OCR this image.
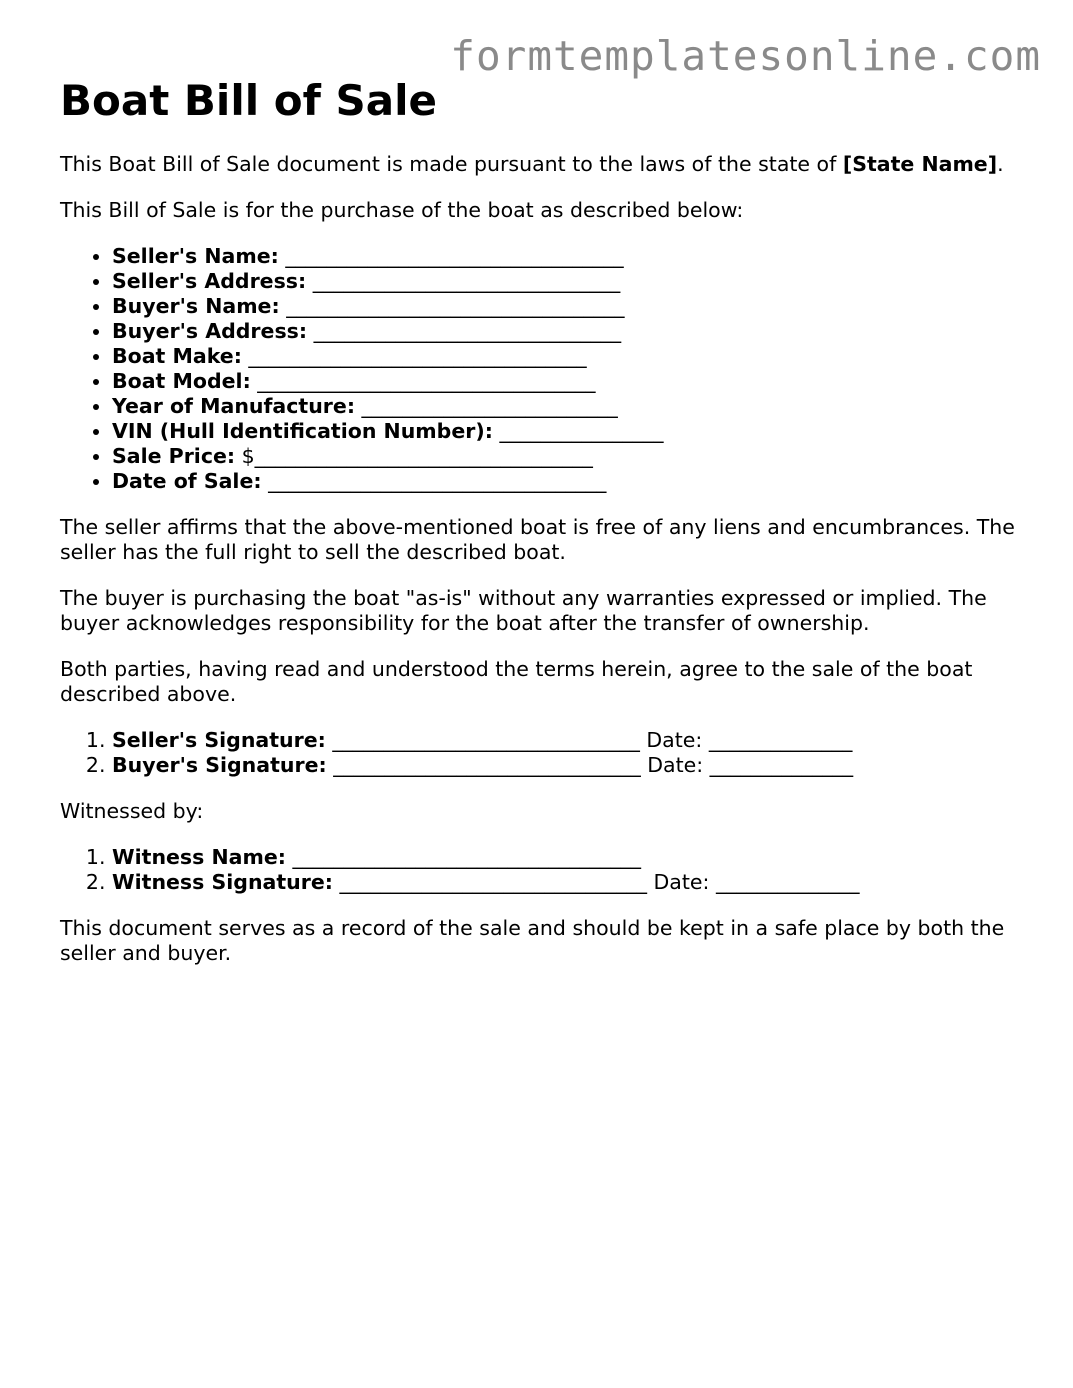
formtemplatesonline.com
Boat Bill of Sale

This Boat Bill of Sale document is made pursuant to the laws of the state of [State Name].

This Bill of Sale is for the purchase of the boat as described below:

• Seller's Name: _________________________________
• Seller's Address: ______________________________
• Buyer's Name: _________________________________
• Buyer's Address: ______________________________
• Boat Make: _________________________________
• Boat Model: _________________________________
• Year of Manufacture: _________________________
• VIN (Hull Identification Number): ________________
• Sale Price: $_________________________________
• Date of Sale: _________________________________

The seller affirms that the above-mentioned boat is free of any liens and encumbrances. The seller has the full right to sell the described boat.

The buyer is purchasing the boat "as-is" without any warranties expressed or implied. The buyer acknowledges responsibility for the boat after the transfer of ownership.

Both parties, having read and understood the terms herein, agree to the sale of the boat described above.

1. Seller's Signature: ______________________________ Date: ______________
2. Buyer's Signature: ______________________________ Date: ______________

Witnessed by:

1. Witness Name: __________________________________
2. Witness Signature: ______________________________ Date: ______________

This document serves as a record of the sale and should be kept in a safe place by both the seller and buyer.
